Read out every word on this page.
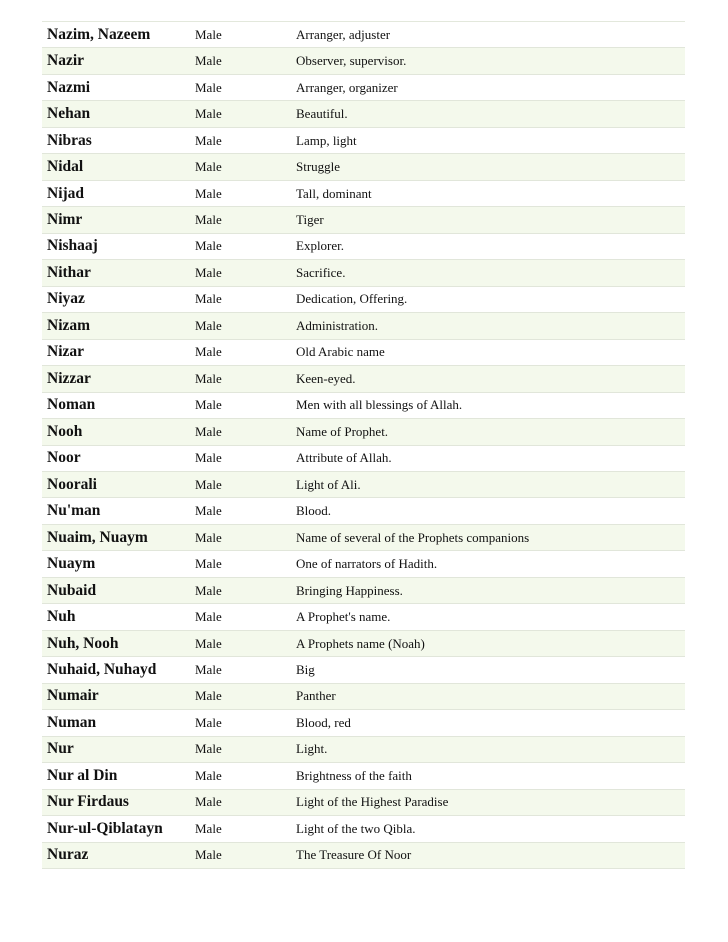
Nazim, Nazeem	Male	Arranger, adjuster
Nazir	Male	Observer, supervisor.
Nazmi	Male	Arranger, organizer
Nehan	Male	Beautiful.
Nibras	Male	Lamp, light
Nidal	Male	Struggle
Nijad	Male	Tall, dominant
Nimr	Male	Tiger
Nishaaj	Male	Explorer.
Nithar	Male	Sacrifice.
Niyaz	Male	Dedication, Offering.
Nizam	Male	Administration.
Nizar	Male	Old Arabic name
Nizzar	Male	Keen-eyed.
Noman	Male	Men with all blessings of Allah.
Nooh	Male	Name of Prophet.
Noor	Male	Attribute of Allah.
Noorali	Male	Light of Ali.
Nu'man	Male	Blood.
Nuaim, Nuaym	Male	Name of several of the Prophets companions
Nuaym	Male	One of narrators of Hadith.
Nubaid	Male	Bringing Happiness.
Nuh	Male	A Prophet's name.
Nuh, Nooh	Male	A Prophets name (Noah)
Nuhaid, Nuhayd	Male	Big
Numair	Male	Panther
Numan	Male	Blood, red
Nur	Male	Light.
Nur al Din	Male	Brightness of the faith
Nur Firdaus	Male	Light of the Highest Paradise
Nur-ul-Qiblatayn	Male	Light of the two Qibla.
Nuraz	Male	The Treasure Of Noor
